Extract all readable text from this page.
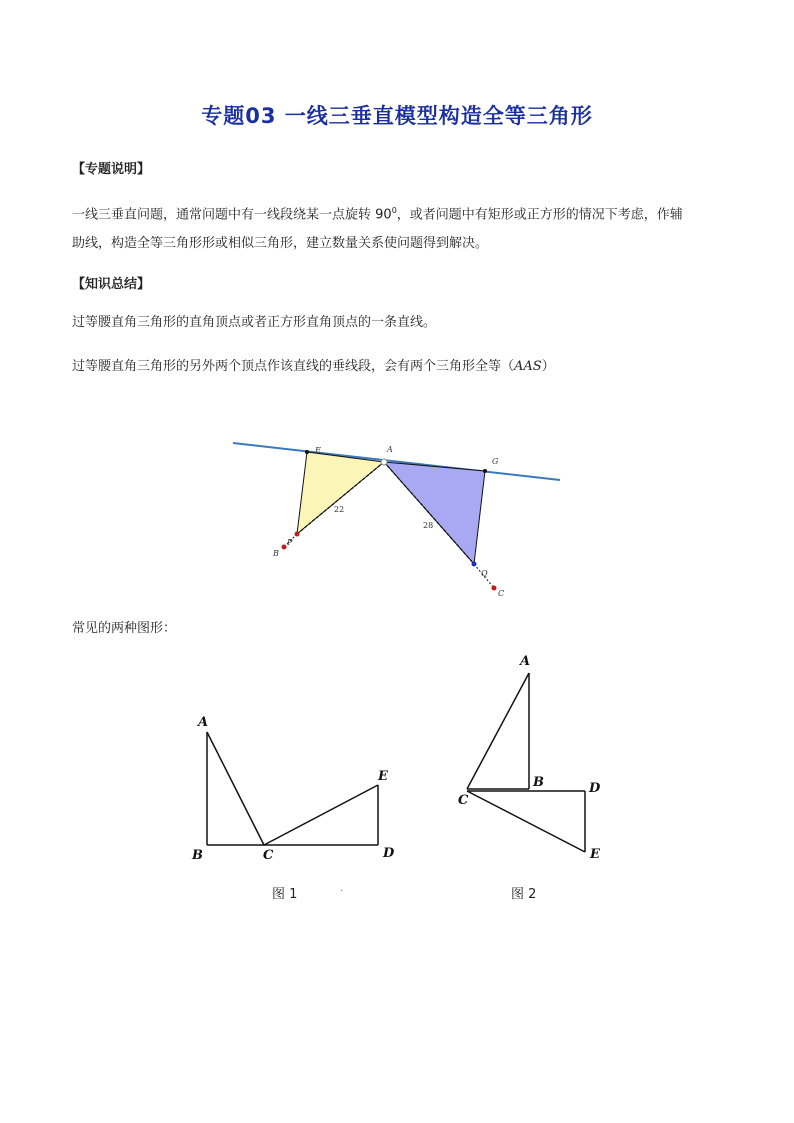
专题03 一线三垂直模型构造全等三角形
【专题说明】
一线三垂直问题，通常问题中有一线段绕某一点旋转 $90^0$，或者问题中有矩形或正方形的情况下考虑，作辅
助线，构造全等三角形形或相似三角形，建立数量关系使问题得到解决。
【知识总结】
过等腰直角三角形的直角顶点或者正方形直角顶点的一条直线。
过等腰直角三角形的另外两个顶点作该直线的垂线段，会有两个三角形全等（AAS）
E	A
G
P
B
Q
C
22
28
常见的两种图形：
A
B	C	D
E
A
B
C
D
E
图 1	.	图 2
